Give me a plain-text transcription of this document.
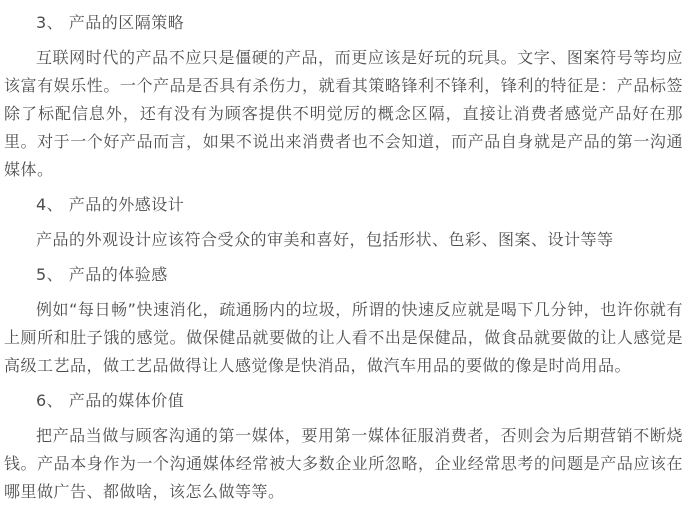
3、 产品的区隔策略

互联网时代的产品不应只是僵硬的产品，而更应该是好玩的玩具。文字、图案符号等均应该富有娱乐性。一个产品是否具有杀伤力，就看其策略锋利不锋利，锋利的特征是：产品标签除了标配信息外，还有没有为顾客提供不明觉厉的概念区隔，直接让消费者感觉产品好在那里。对于一个好产品而言，如果不说出来消费者也不会知道，而产品自身就是产品的第一沟通媒体。

4、 产品的外感设计

产品的外观设计应该符合受众的审美和喜好，包括形状、色彩、图案、设计等等

5、 产品的体验感

例如“每日畅”快速消化，疏通肠内的垃圾，所谓的快速反应就是喝下几分钟，也许你就有上厕所和肚子饿的感觉。做保健品就要做的让人看不出是保健品，做食品就要做的让人感觉是高级工艺品，做工艺品做得让人感觉像是快消品，做汽车用品的要做的像是时尚用品。

6、 产品的媒体价值

把产品当做与顾客沟通的第一媒体，要用第一媒体征服消费者，否则会为后期营销不断烧钱。产品本身作为一个沟通媒体经常被大多数企业所忽略，企业经常思考的问题是产品应该在哪里做广告、都做啥，该怎么做等等。
